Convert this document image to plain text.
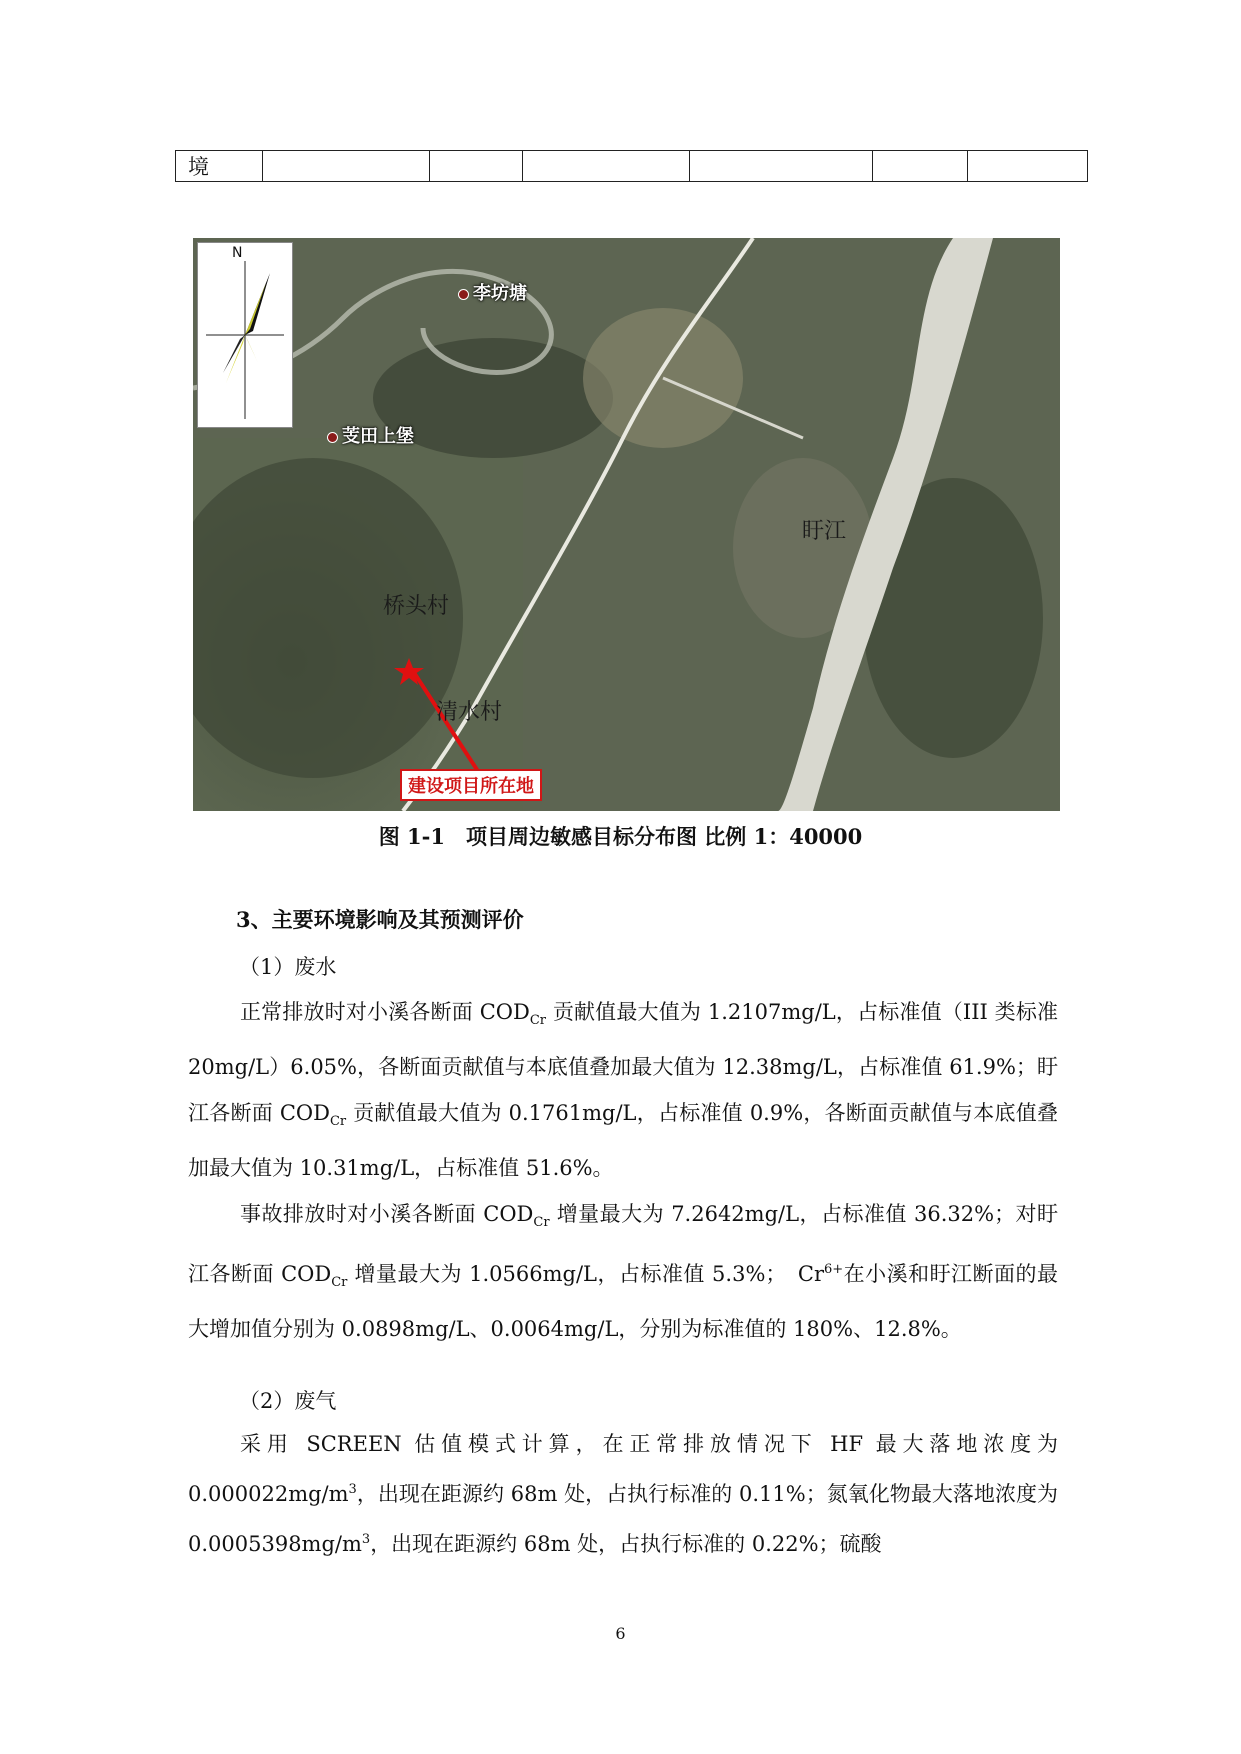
境						
N
李坊塘
芰田上堡
盱江
桥头村
清水村
建设项目所在地
图 1-1　项目周边敏感目标分布图 比例 1：40000
3、主要环境影响及其预测评价
（1）废水

正常排放时对小溪各断面 $COD_{Cr}$ 贡献值最大值为 1.2107mg/L，占标准值（III 类标准 20mg/L）6.05%，各断面贡献值与本底值叠加最大值为 12.38mg/L，占标准值 61.9%；盱江各断面 $COD_{Cr}$ 贡献值最大值为 0.1761mg/L，占标准值 0.9%，各断面贡献值与本底值叠加最大值为 10.31mg/L，占标准值 51.6%。

事故排放时对小溪各断面 $COD_{Cr}$ 增量最大为 7.2642mg/L，占标准值 36.32%；对盱江各断面 $COD_{Cr}$ 增量最大为 1.0566mg/L，占标准值 5.3%；　$Cr^{6+}$在小溪和盱江断面的最大增加值分别为 0.0898mg/L、0.0064mg/L，分别为标准值的 180%、12.8%。

（2）废气

采用 SCREEN 估值模式计算，在正常排放情况下 HF 最大落地浓度为 $0.000022mg/m^3$，出现在距源约 68m 处，占执行标准的 0.11%；氮氧化物最大落地浓度为 $0.0005398mg/m^3$，出现在距源约 68m 处，占执行标准的 0.22%；硫酸

6
